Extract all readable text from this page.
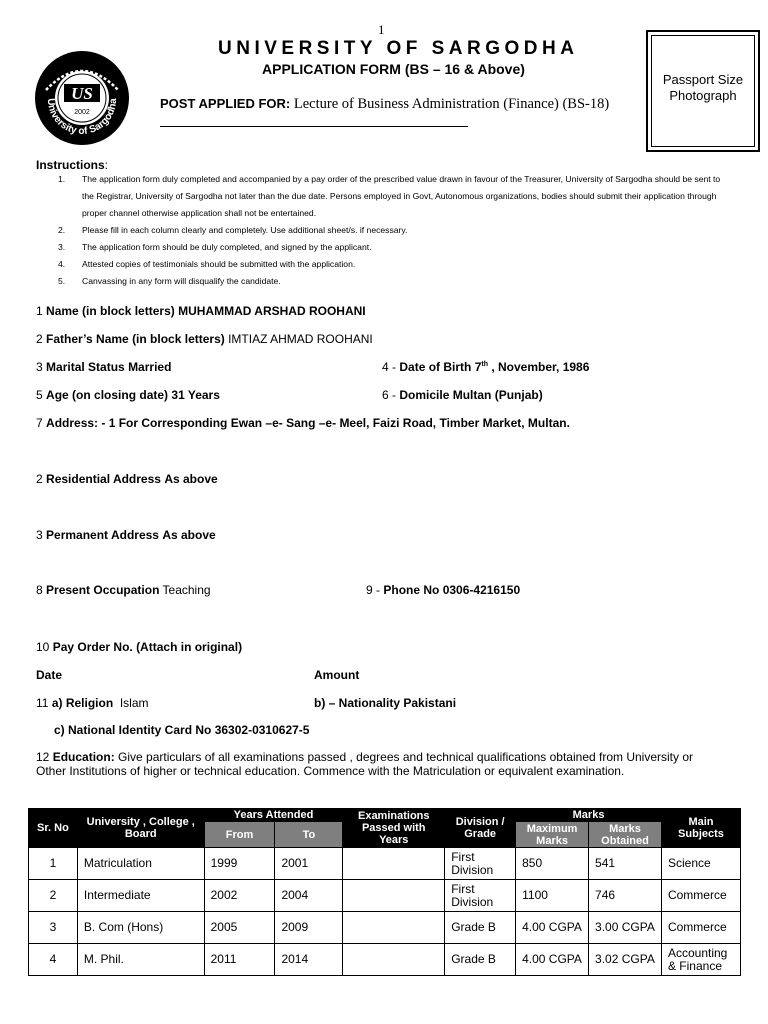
1
US
2002
University of Sargodha
UNIVERSITY OF SARGODHA
APPLICATION FORM (BS – 16 & Above)
POST APPLIED FOR: Lecture of Business Administration (Finance) (BS-18)
Passport Size Photograph
Instructions:
1. The application form duly completed and accompanied by a pay order of the prescribed value drawn in favour of the Treasurer, University of Sargodha should be sent to the Registrar, University of Sargodha not later than the due date. Persons employed in Govt, Autonomous organizations, bodies should submit their application through proper channel otherwise application shall not be entertained.
2. Please fill in each column clearly and completely. Use additional sheet/s. if necessary.
3. The application form should be duly completed, and signed by the applicant.
4. Attested copies of testimonials should be submitted with the application.
5. Canvassing in any form will disqualify the candidate.
1 Name (in block letters) MUHAMMAD ARSHAD ROOHANI
2 Father’s Name (in block letters) IMTIAZ AHMAD ROOHANI
3 Marital Status Married	4 - Date of Birth 7th , November, 1986
5 Age (on closing date) 31 Years	6 - Domicile Multan (Punjab)
7 Address: - 1 For Corresponding Ewan –e- Sang –e- Meel, Faizi Road, Timber Market, Multan.
2 Residential Address As above
3 Permanent Address As above
8 Present Occupation Teaching	9 - Phone No 0306-4216150
10 Pay Order No. (Attach in original)
Date	Amount
11 a) Religion Islam	b) – Nationality Pakistani
c) National Identity Card No 36302-0310627-5
12 Education: Give particulars of all examinations passed , degrees and technical qualifications obtained from University or
Other Institutions of higher or technical education. Commence with the Matriculation or equivalent examination.
Sr. No	University , College , Board	Years Attended		Examinations Passed with Years	Division / Grade	Marks		Main Subjects
		From	To			Maximum Marks	Marks Obtained	
1	Matriculation	1999	2001		First Division	850	541	Science
2	Intermediate	2002	2004		First Division	1100	746	Commerce
3	B. Com (Hons)	2005	2009		Grade B	4.00 CGPA	3.00 CGPA	Commerce
4	M. Phil.	2011	2014		Grade B	4.00 CGPA	3.02 CGPA	Accounting & Finance
